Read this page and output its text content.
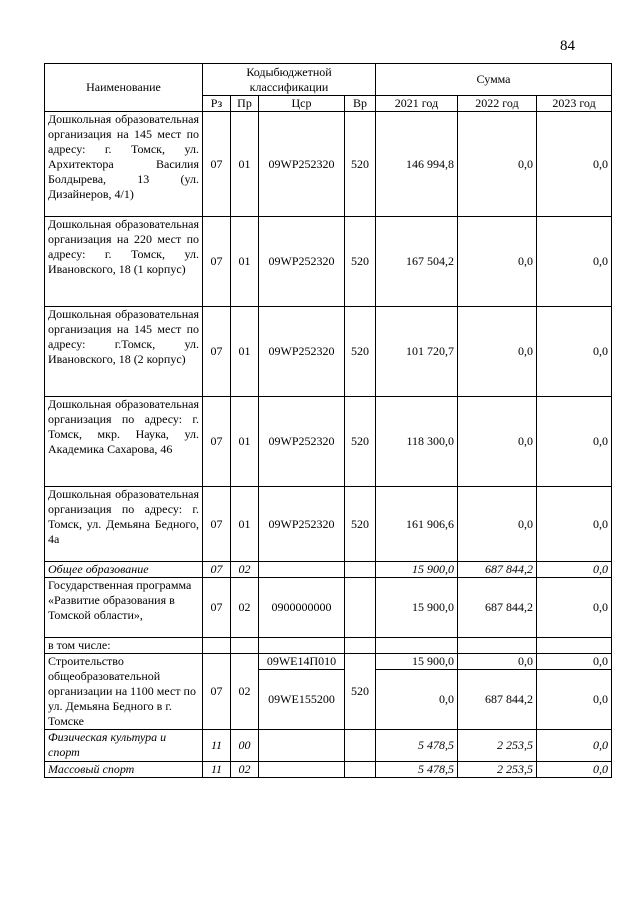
84
Наименование	Кодыбюджетной классификации				Сумма		
	Рз	Пр	Цср	Вр	2021 год	2022 год	2023 год
Дошкольная образовательная организация на 145 мест по адресу: г. Томск, ул. Архитектора Василия Болдырева, 13 (ул. Дизайнеров, 4/1)	07	01	09WP252320	520	146 994,8	0,0	0,0
Дошкольная образовательная организация на 220 мест по адресу: г. Томск, ул. Ивановского, 18 (1 корпус)	07	01	09WP252320	520	167 504,2	0,0	0,0
Дошкольная образовательная организация на 145 мест по адресу: г.Томск, ул. Ивановского, 18 (2 корпус)	07	01	09WP252320	520	101 720,7	0,0	0,0
Дошкольная образовательная организация по адресу: г. Томск, мкр. Наука, ул. Академика Сахарова, 46	07	01	09WP252320	520	118 300,0	0,0	0,0
Дошкольная образовательная организация по адресу: г. Томск, ул. Демьяна Бедного, 4а	07	01	09WP252320	520	161 906,6	0,0	0,0
Общее образование	07	02			15 900,0	687 844,2	0,0
Государственная программа «Развитие образования в Томской области»,	07	02	0900000000		15 900,0	687 844,2	0,0
в том числе:							
Строительство общеобразовательной организации на 1100 мест по ул. Демьяна Бедного в г. Томске	07	02	09WE14П010	520	15 900,0	0,0	0,0
			09WE155200		0,0	687 844,2	0,0
Физическая культура и спорт	11	00			5 478,5	2 253,5	0,0
Массовый спорт	11	02			5 478,5	2 253,5	0,0
